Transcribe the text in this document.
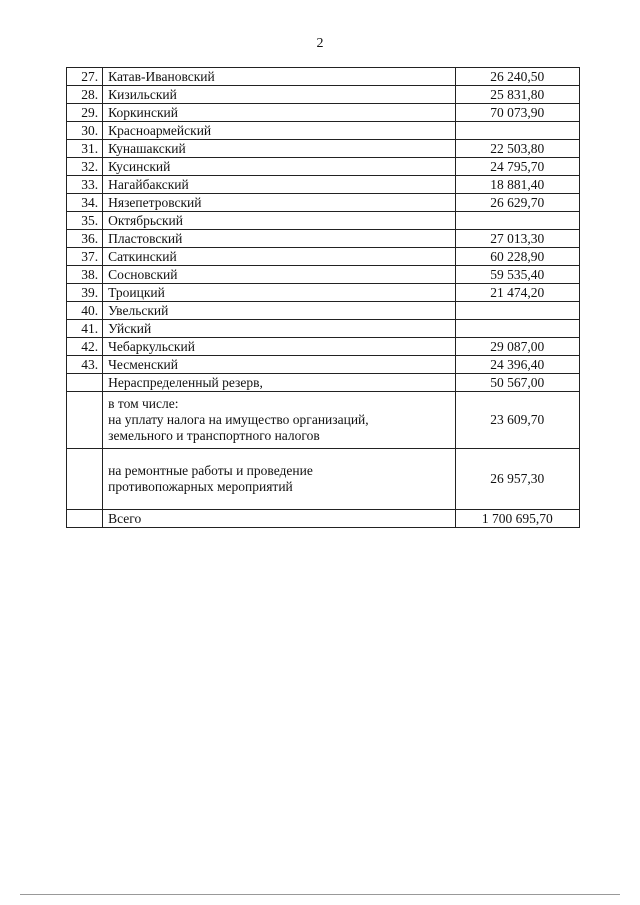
2
27.	Катав-Ивановский	26 240,50
28.	Кизильский	25 831,80
29.	Коркинский	70 073,90
30.	Красноармейский	
31.	Кунашакский	22 503,80
32.	Кусинский	24 795,70
33.	Нагайбакский	18 881,40
34.	Нязепетровский	26 629,70
35.	Октябрьский	
36.	Пластовский	27 013,30
37.	Саткинский	60 228,90
38.	Сосновский	59 535,40
39.	Троицкий	21 474,20
40.	Увельский	
41.	Уйский	
42.	Чебаркульский	29 087,00
43.	Чесменский	24 396,40
	Нераспределенный резерв,	50 567,00

	в том числе:
на уплату налога на имущество организаций,
земельного и транспортного налогов	23 609,70

	на ремонтные работы и проведение
противопожарных мероприятий	26 957,30
	Всего	1 700 695,70
